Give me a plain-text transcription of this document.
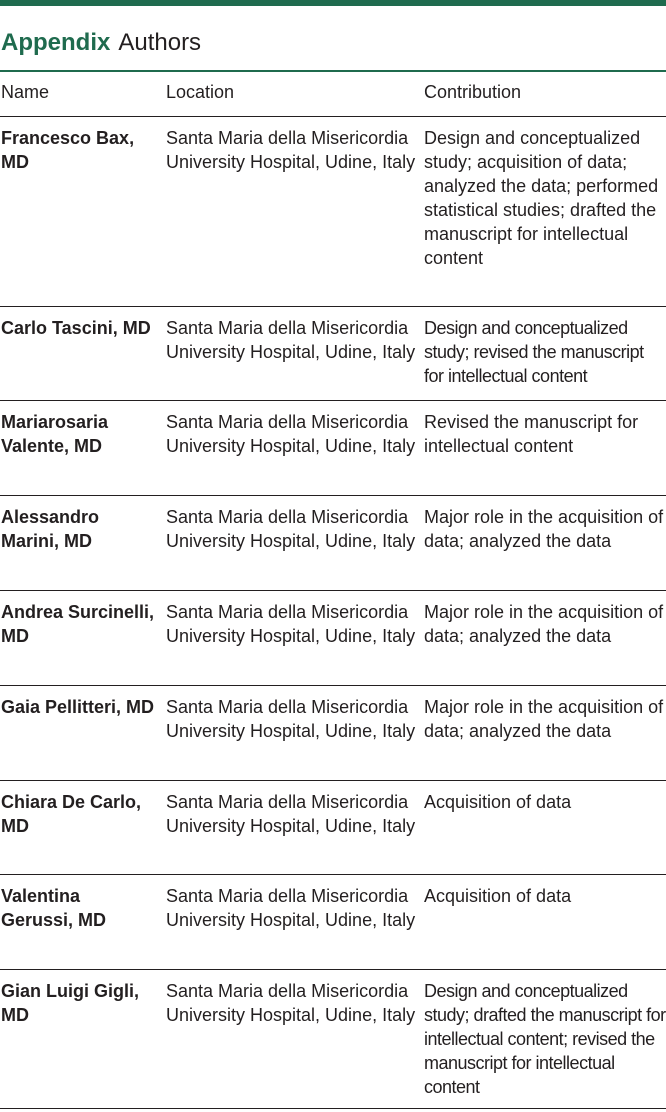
Appendix Authors
Name	Location	Contribution
Francesco Bax, MD
Santa Maria della Misericordia University Hospital, Udine, Italy
Design and conceptualized study; acquisition of data; analyzed the data; performed statistical studies; drafted the manuscript for intellectual content
Carlo Tascini, MD Santa Maria della Misericordia University Hospital, Udine, Italy
Design and conceptualized study; revised the manuscript for intellectual content
Mariarosaria Valente, MD
Santa Maria della Misericordia University Hospital, Udine, Italy
Revised the manuscript for intellectual content
Alessandro Marini, MD
Santa Maria della Misericordia University Hospital, Udine, Italy
Major role in the acquisition of data; analyzed the data
Andrea Surcinelli, MD
Santa Maria della Misericordia University Hospital, Udine, Italy
Major role in the acquisition of data; analyzed the data
Gaia Pellitteri, MD Santa Maria della Misericordia University Hospital, Udine, Italy
Major role in the acquisition of data; analyzed the data
Chiara De Carlo, MD
Santa Maria della Misericordia University Hospital, Udine, Italy
Acquisition of data
Valentina Gerussi, MD
Santa Maria della Misericordia University Hospital, Udine, Italy
Acquisition of data
Gian Luigi Gigli, MD
Santa Maria della Misericordia University Hospital, Udine, Italy
Design and conceptualized study; drafted the manuscript for intellectual content; revised the manuscript for intellectual content
